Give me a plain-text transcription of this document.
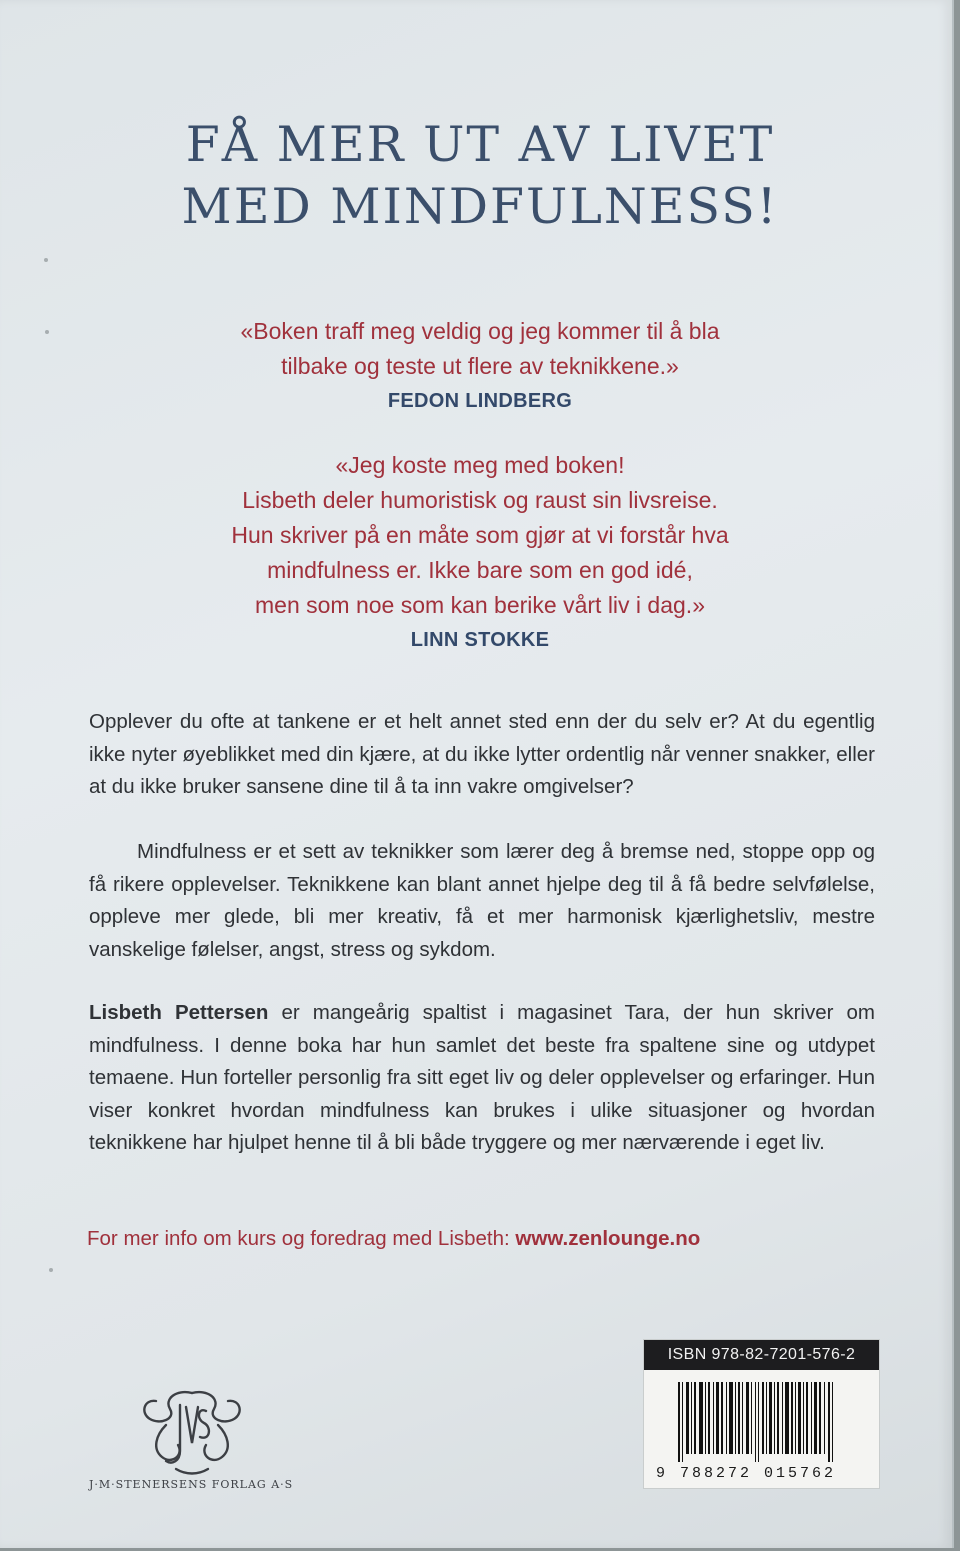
FÅ MER UT AV LIVET
MED MINDFULNESS!
«Boken traff meg veldig og jeg kommer til å bla
tilbake og teste ut flere av teknikkene.»
FEDON LINDBERG
«Jeg koste meg med boken!
Lisbeth deler humoristisk og raust sin livsreise.
Hun skriver på en måte som gjør at vi forstår hva
mindfulness er. Ikke bare som en god idé,
men som noe som kan berike vårt liv i dag.»
LINN STOKKE

Opplever du ofte at tankene er et helt annet sted enn der du selv er? At du egentlig ikke nyter øyeblikket med din kjære, at du ikke lytter ordentlig når venner snakker, eller at du ikke bruker sansene dine til å ta inn vakre omgivelser?

Mindfulness er et sett av teknikker som lærer deg å bremse ned, stoppe opp og få rikere opplevelser. Teknikkene kan blant annet hjelpe deg til å få bedre selvfølelse, oppleve mer glede, bli mer kreativ, få et mer harmonisk kjærlighetsliv, mestre vanskelige følelser, angst, stress og sykdom.

Lisbeth Pettersen er mangeårig spaltist i magasinet Tara, der hun skriver om mindfulness. I denne boka har hun samlet det beste fra spaltene sine og utdypet temaene. Hun forteller personlig fra sitt eget liv og deler opplevelser og erfaringer. Hun viser konkret hvordan mindfulness kan brukes i ulike situasjoner og hvordan teknikkene har hjulpet henne til å bli både tryggere og mer nærværende i eget liv.

For mer info om kurs og foredrag med Lisbeth: www.zenlounge.no
ISBN 978-82-7201-576-2
9 788272 015762
J·M·STENERSENS FORLAG A·S
